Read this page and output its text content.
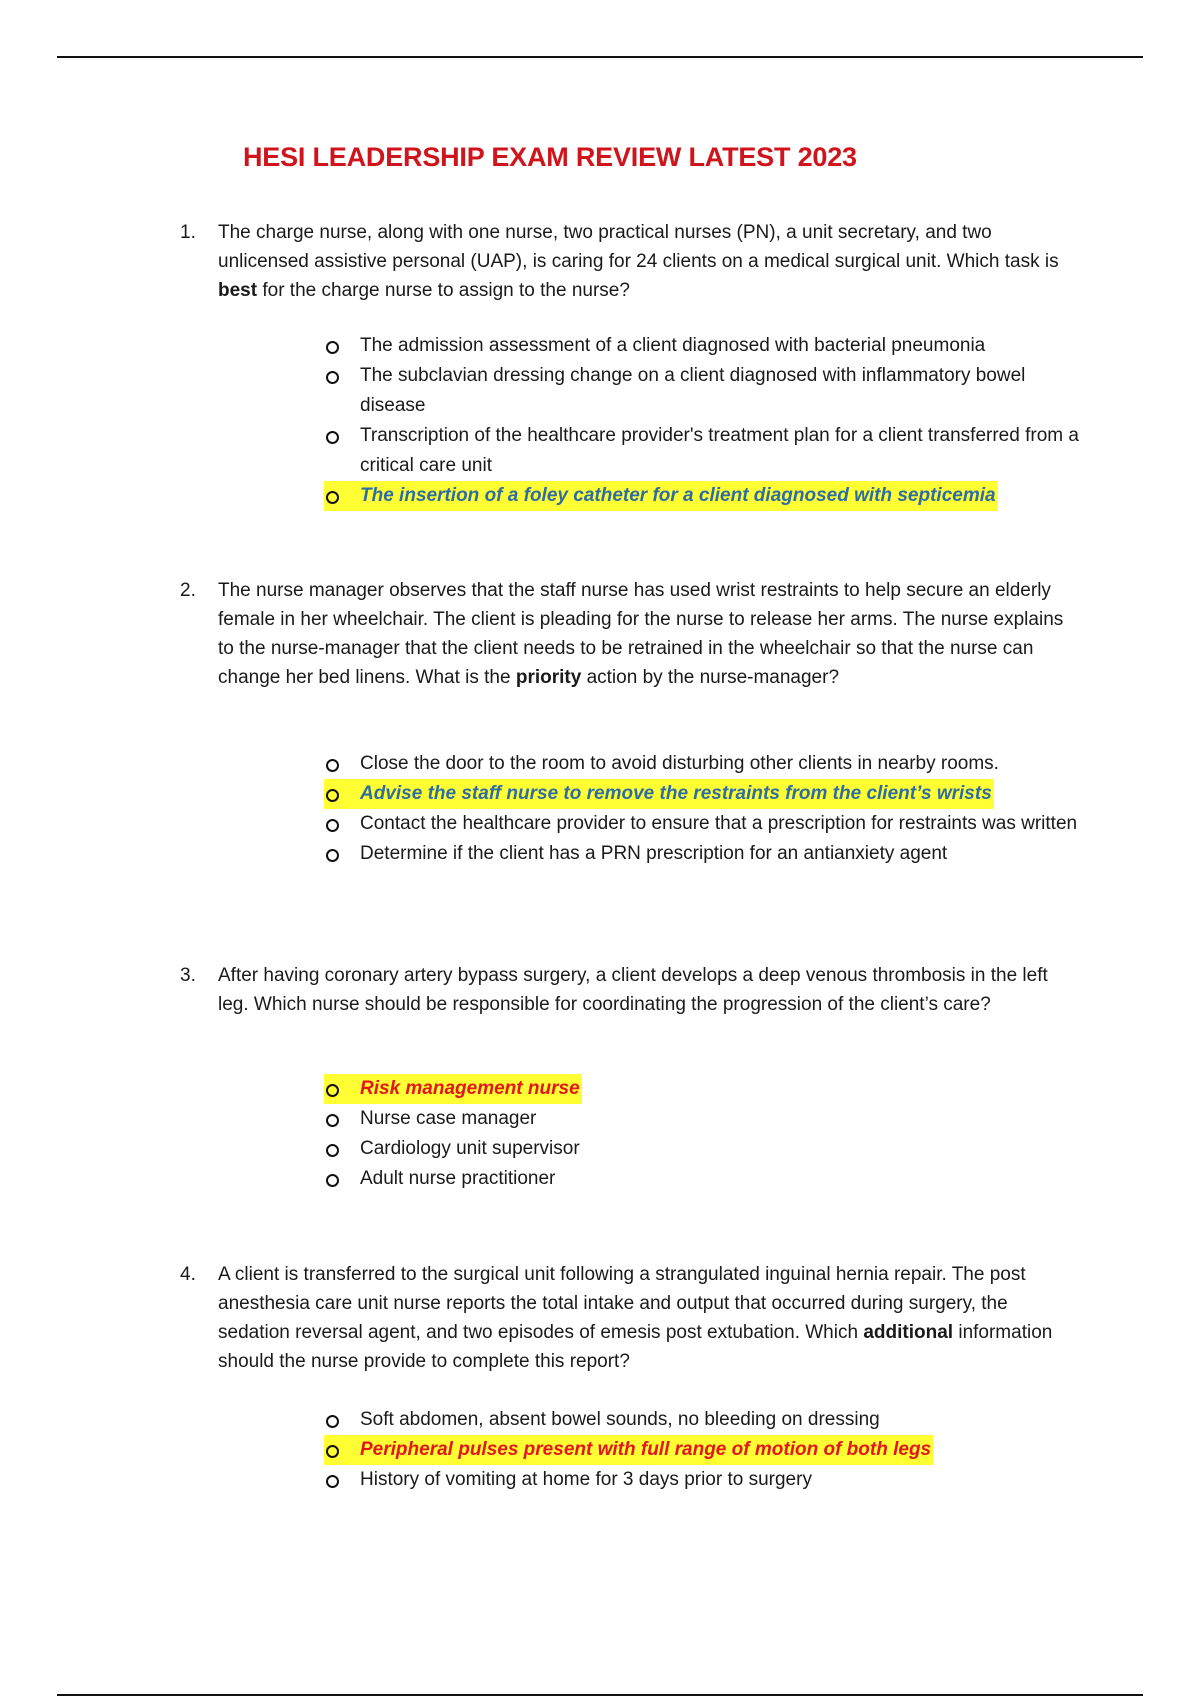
HESI LEADERSHIP EXAM REVIEW LATEST 2023
1. The charge nurse, along with one nurse, two practical nurses (PN), a unit secretary, and two unlicensed assistive personal (UAP), is caring for 24 clients on a medical surgical unit. Which task is best for the charge nurse to assign to the nurse?

The admission assessment of a client diagnosed with bacterial pneumonia
The subclavian dressing change on a client diagnosed with inflammatory bowel disease
Transcription of the healthcare provider's treatment plan for a client transferred from a critical care unit
The insertion of a foley catheter for a client diagnosed with septicemia
2. The nurse manager observes that the staff nurse has used wrist restraints to help secure an elderly female in her wheelchair. The client is pleading for the nurse to release her arms. The nurse explains to the nurse-manager that the client needs to be retrained in the wheelchair so that the nurse can change her bed linens. What is the priority action by the nurse-manager?

Close the door to the room to avoid disturbing other clients in nearby rooms.
Advise the staff nurse to remove the restraints from the client’s wrists
Contact the healthcare provider to ensure that a prescription for restraints was written
Determine if the client has a PRN prescription for an antianxiety agent
3. After having coronary artery bypass surgery, a client develops a deep venous thrombosis in the left leg. Which nurse should be responsible for coordinating the progression of the client’s care?

Risk management nurse
Nurse case manager
Cardiology unit supervisor
Adult nurse practitioner
4. A client is transferred to the surgical unit following a strangulated inguinal hernia repair. The post anesthesia care unit nurse reports the total intake and output that occurred during surgery, the sedation reversal agent, and two episodes of emesis post extubation. Which additional information should the nurse provide to complete this report?

Soft abdomen, absent bowel sounds, no bleeding on dressing
Peripheral pulses present with full range of motion of both legs
History of vomiting at home for 3 days prior to surgery
